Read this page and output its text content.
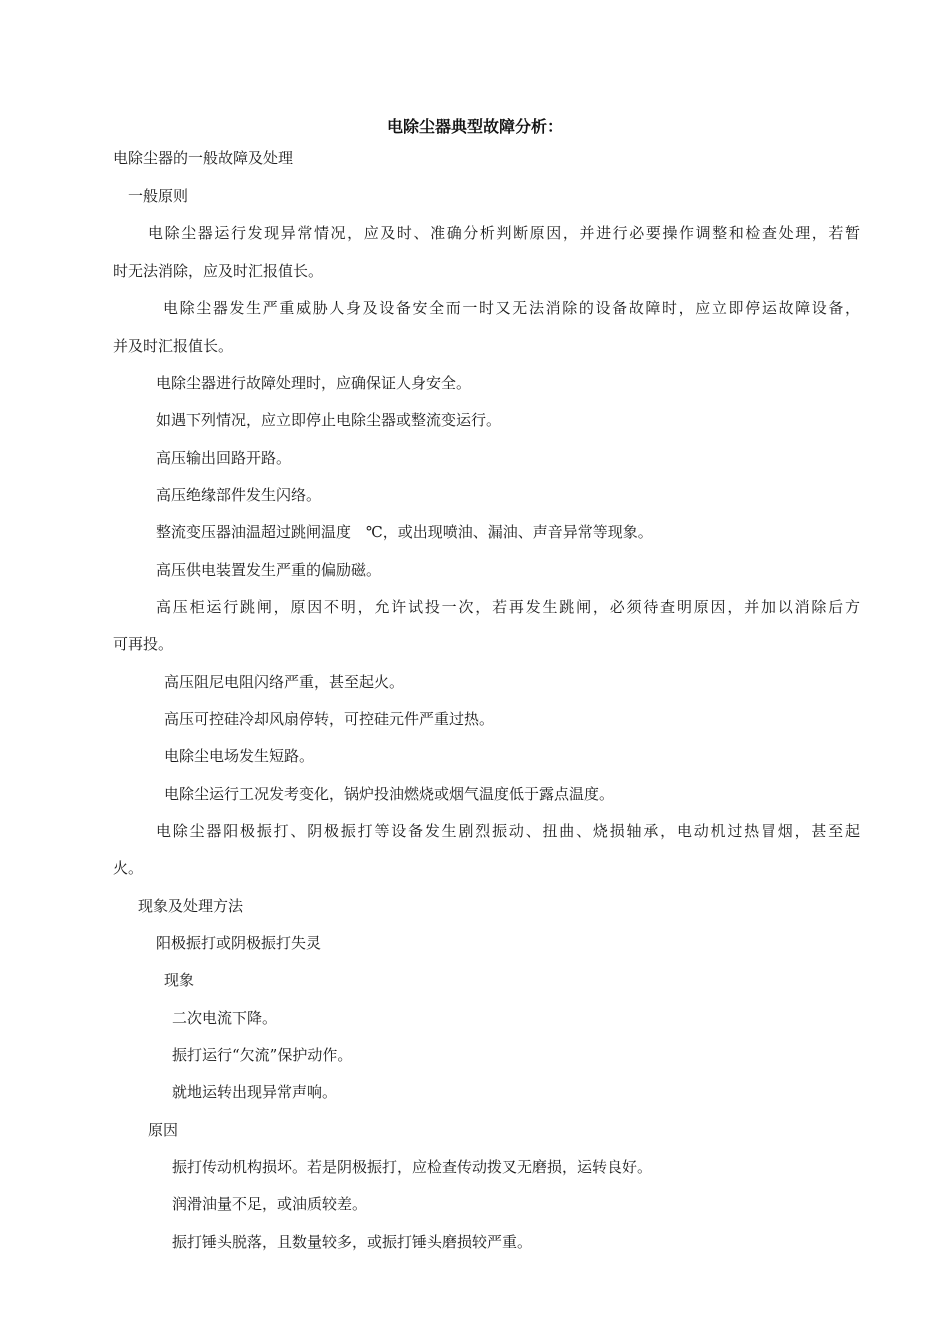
电除尘器典型故障分析：
电除尘器的一般故障及处理
一般原则
电除尘器运行发现异常情况，应及时、准确分析判断原因，并进行必要操作调整和检查处理，若暂
时无法消除，应及时汇报值长。
电除尘器发生严重威胁人身及设备安全而一时又无法消除的设备故障时，应立即停运故障设备，
并及时汇报值长。
电除尘器进行故障处理时，应确保证人身安全。
如遇下列情况，应立即停止电除尘器或整流变运行。
高压输出回路开路。
高压绝缘部件发生闪络。
整流变压器油温超过跳闸温度　℃，或出现喷油、漏油、声音异常等现象。
高压供电装置发生严重的偏励磁。
高压柜运行跳闸，原因不明，允许试投一次，若再发生跳闸，必须待查明原因，并加以消除后方
可再投。
高压阻尼电阻闪络严重，甚至起火。
高压可控硅冷却风扇停转，可控硅元件严重过热。
电除尘电场发生短路。
电除尘运行工况发考变化，锅炉投油燃烧或烟气温度低于露点温度。
电除尘器阳极振打、阴极振打等设备发生剧烈振动、扭曲、烧损轴承，电动机过热冒烟，甚至起
火。
现象及处理方法
阳极振打或阴极振打失灵
现象
二次电流下降。
振打运行“欠流”保护动作。
就地运转出现异常声响。
原因
振打传动机构损坏。若是阴极振打，应检查传动拨叉无磨损，运转良好。
润滑油量不足，或油质较差。
振打锤头脱落，且数量较多，或振打锤头磨损较严重。
